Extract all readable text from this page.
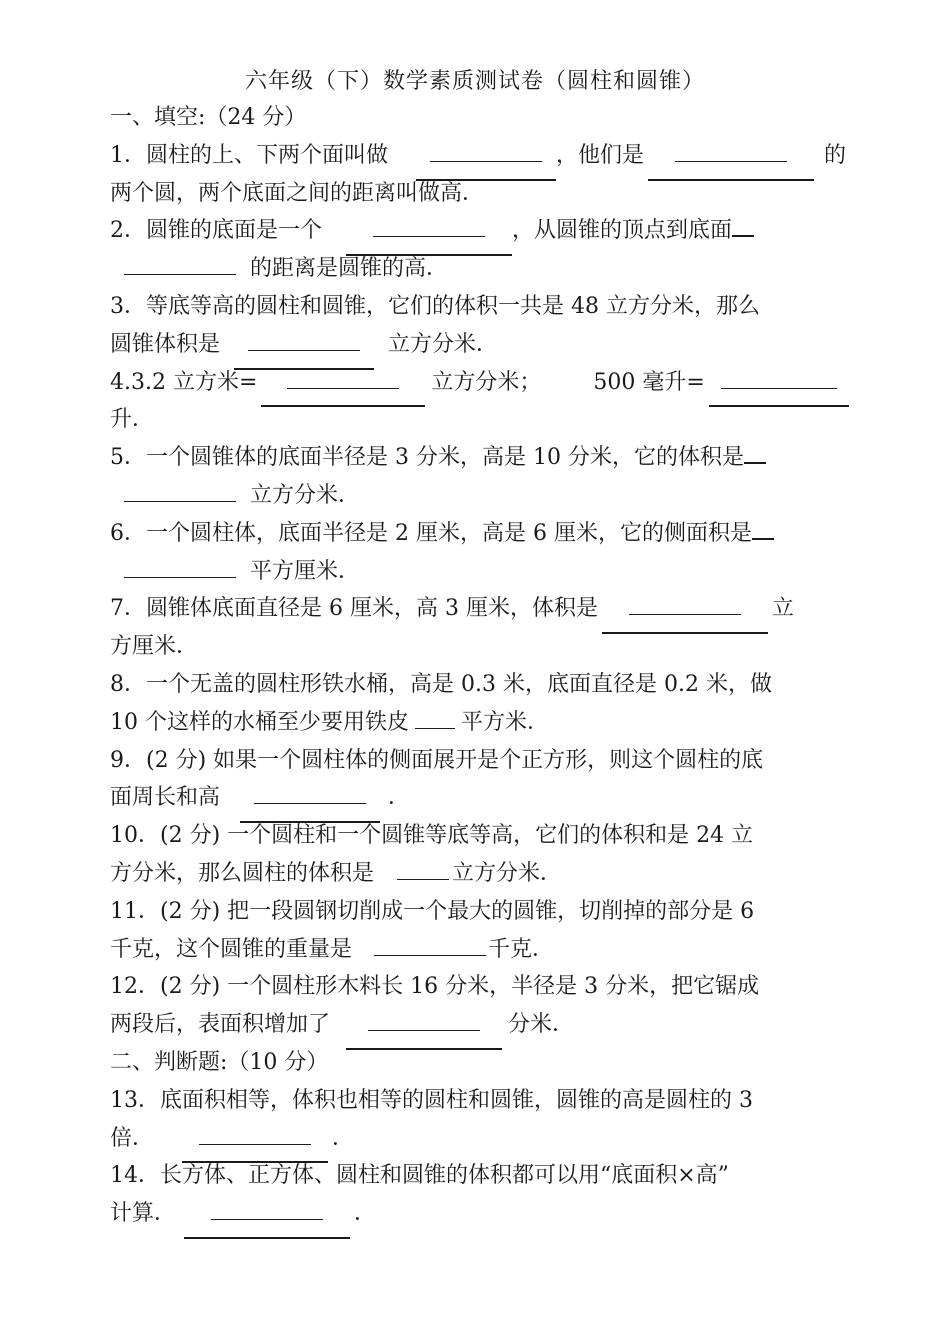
六年级（下）数学素质测试卷（圆柱和圆锥）
一、填空:（24 分）
1．圆柱的上、下两个面叫做	，他们是	的
两个圆，两个底面之间的距离叫做高．
2．圆锥的底面是一个	，从圆锥的顶点到底面
的距离是圆锥的高．
3．等底等高的圆柱和圆锥，它们的体积一共是 48 立方分米，那么
圆锥体积是	立方分米．
4.3.2 立方米=	立方分米； 500 毫升=
升．
5．一个圆锥体的底面半径是 3 分米，高是 10 分米，它的体积是
立方分米．
6．一个圆柱体，底面半径是 2 厘米，高是 6 厘米，它的侧面积是
平方厘米．
7．圆锥体底面直径是 6 厘米，高 3 厘米，体积是	立
方厘米．
8．一个无盖的圆柱形铁水桶，高是 0.3 米，底面直径是 0.2 米，做
10 个这样的水桶至少要用铁皮 平方米．
9．(2 分) 如果一个圆柱体的侧面展开是个正方形，则这个圆柱的底
面周长和高	．
10．(2 分) 一个圆柱和一个圆锥等底等高，它们的体积和是 24 立
方分米，那么圆柱的体积是	立方分米．
11．(2 分) 把一段圆钢切削成一个最大的圆锥，切削掉的部分是 6
千克，这个圆锥的重量是	千克．
12．(2 分) 一个圆柱形木料长 16 分米，半径是 3 分米，把它锯成
两段后，表面积增加了	分米．
二、判断题:（10 分）
13．底面积相等，体积也相等的圆柱和圆锥，圆锥的高是圆柱的 3
倍．	．
14．长方体、正方体、圆柱和圆锥的体积都可以用“底面积×高”
计算．	．
